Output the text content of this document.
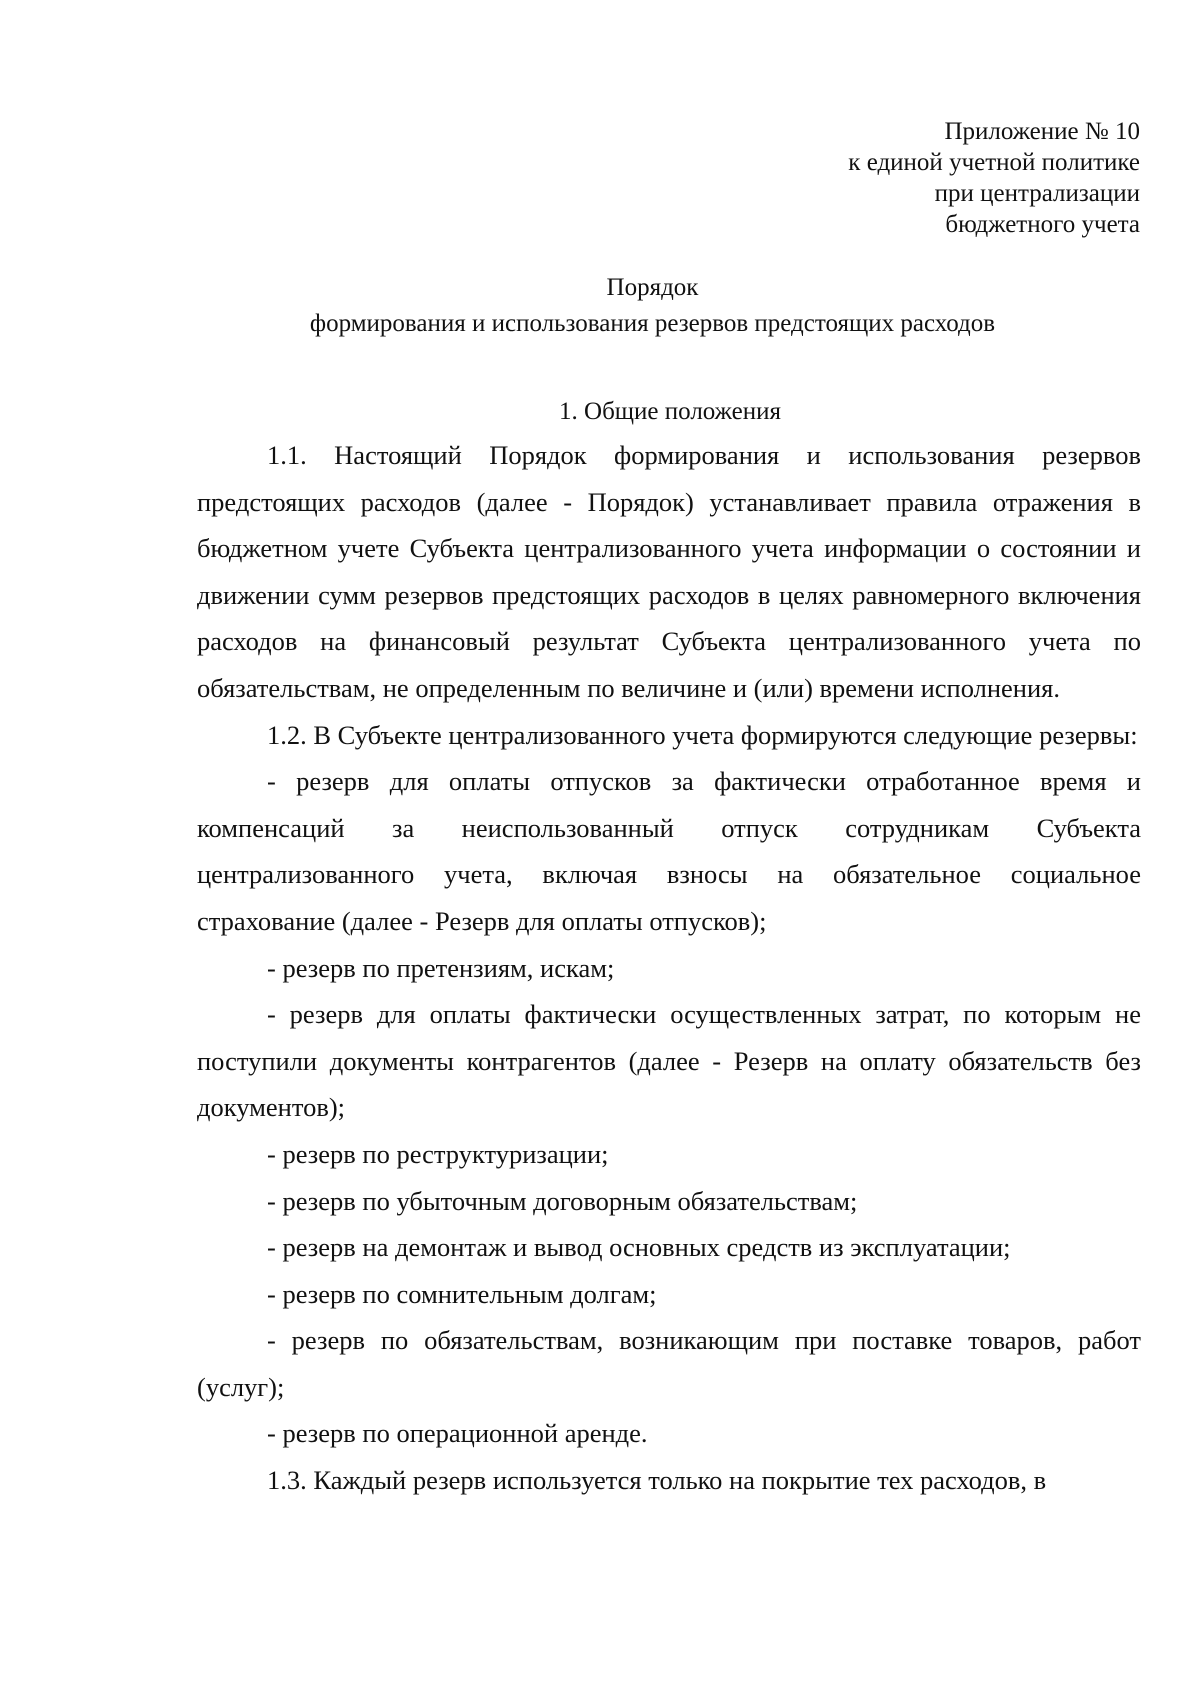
Приложение № 10
к единой учетной политике
при централизации
бюджетного учета
Порядок
формирования и использования резервов предстоящих расходов
1. Общие положения

1.1. Настоящий Порядок формирования и использования резервов предстоящих расходов (далее - Порядок) устанавливает правила отражения в бюджетном учете Субъекта централизованного учета информации о состоянии и движении сумм резервов предстоящих расходов в целях равномерного включения расходов на финансовый результат Субъекта централизованного учета по обязательствам, не определенным по величине и (или) времени исполнения.

1.2. В Субъекте централизованного учета формируются следующие резервы:

- резерв для оплаты отпусков за фактически отработанное время и компенсаций за неиспользованный отпуск сотрудникам Субъекта централизованного учета, включая взносы на обязательное социальное страхование (далее - Резерв для оплаты отпусков);

- резерв по претензиям, искам;

- резерв для оплаты фактически осуществленных затрат, по которым не поступили документы контрагентов (далее - Резерв на оплату обязательств без документов);

- резерв по реструктуризации;

- резерв по убыточным договорным обязательствам;

- резерв на демонтаж и вывод основных средств из эксплуатации;

- резерв по сомнительным долгам;

- резерв по обязательствам, возникающим при поставке товаров, работ (услуг);

- резерв по операционной аренде.

1.3. Каждый резерв используется только на покрытие тех расходов, в
